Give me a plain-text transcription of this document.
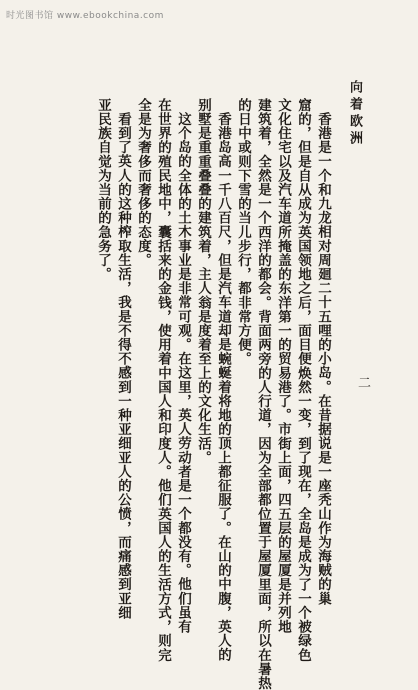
时光图书馆 www.ebookchina.com
向着欧洲
二
香港是一个和九龙相对周廻二十五哩的小岛。在昔据说是一座秃山作为海贼的巢
窟的，但是自从成为英国领地之后，面目便焕然一变，到了现在，全岛是成为了一个被绿色
文化住宅以及汽车道所掩盖的东洋第一的贸易港了。市街上面，四五层的屋厦是并列地
建筑着，全然是一个西洋的都会。背面两旁的人行道，因为全部都位置于屋厦里面，所以在暑热
的日中或则下雪的当儿步行，都非常方便。
香港岛高一千八百尺，但是汽车道却是蜿蜒着将地的顶上都征服了。在山的中腹，英人的
别墅是重重叠叠的建筑着，主人翁是度着至上的文化生活。
这个岛的全体的土木事业是非常可观。在这里，英人劳动者是一个都没有。他们虽有
在世界的殖民地中，囊括来的金钱，使用着中国人和印度人。他们英国人的生活方式，则完
全是为奢侈而奢侈的态度。
看到了英人的这种榨取生活，我是不得不感到一种亚细亚人的公愤，而痛感到亚细
亚民族自觉为当前的急务了。
